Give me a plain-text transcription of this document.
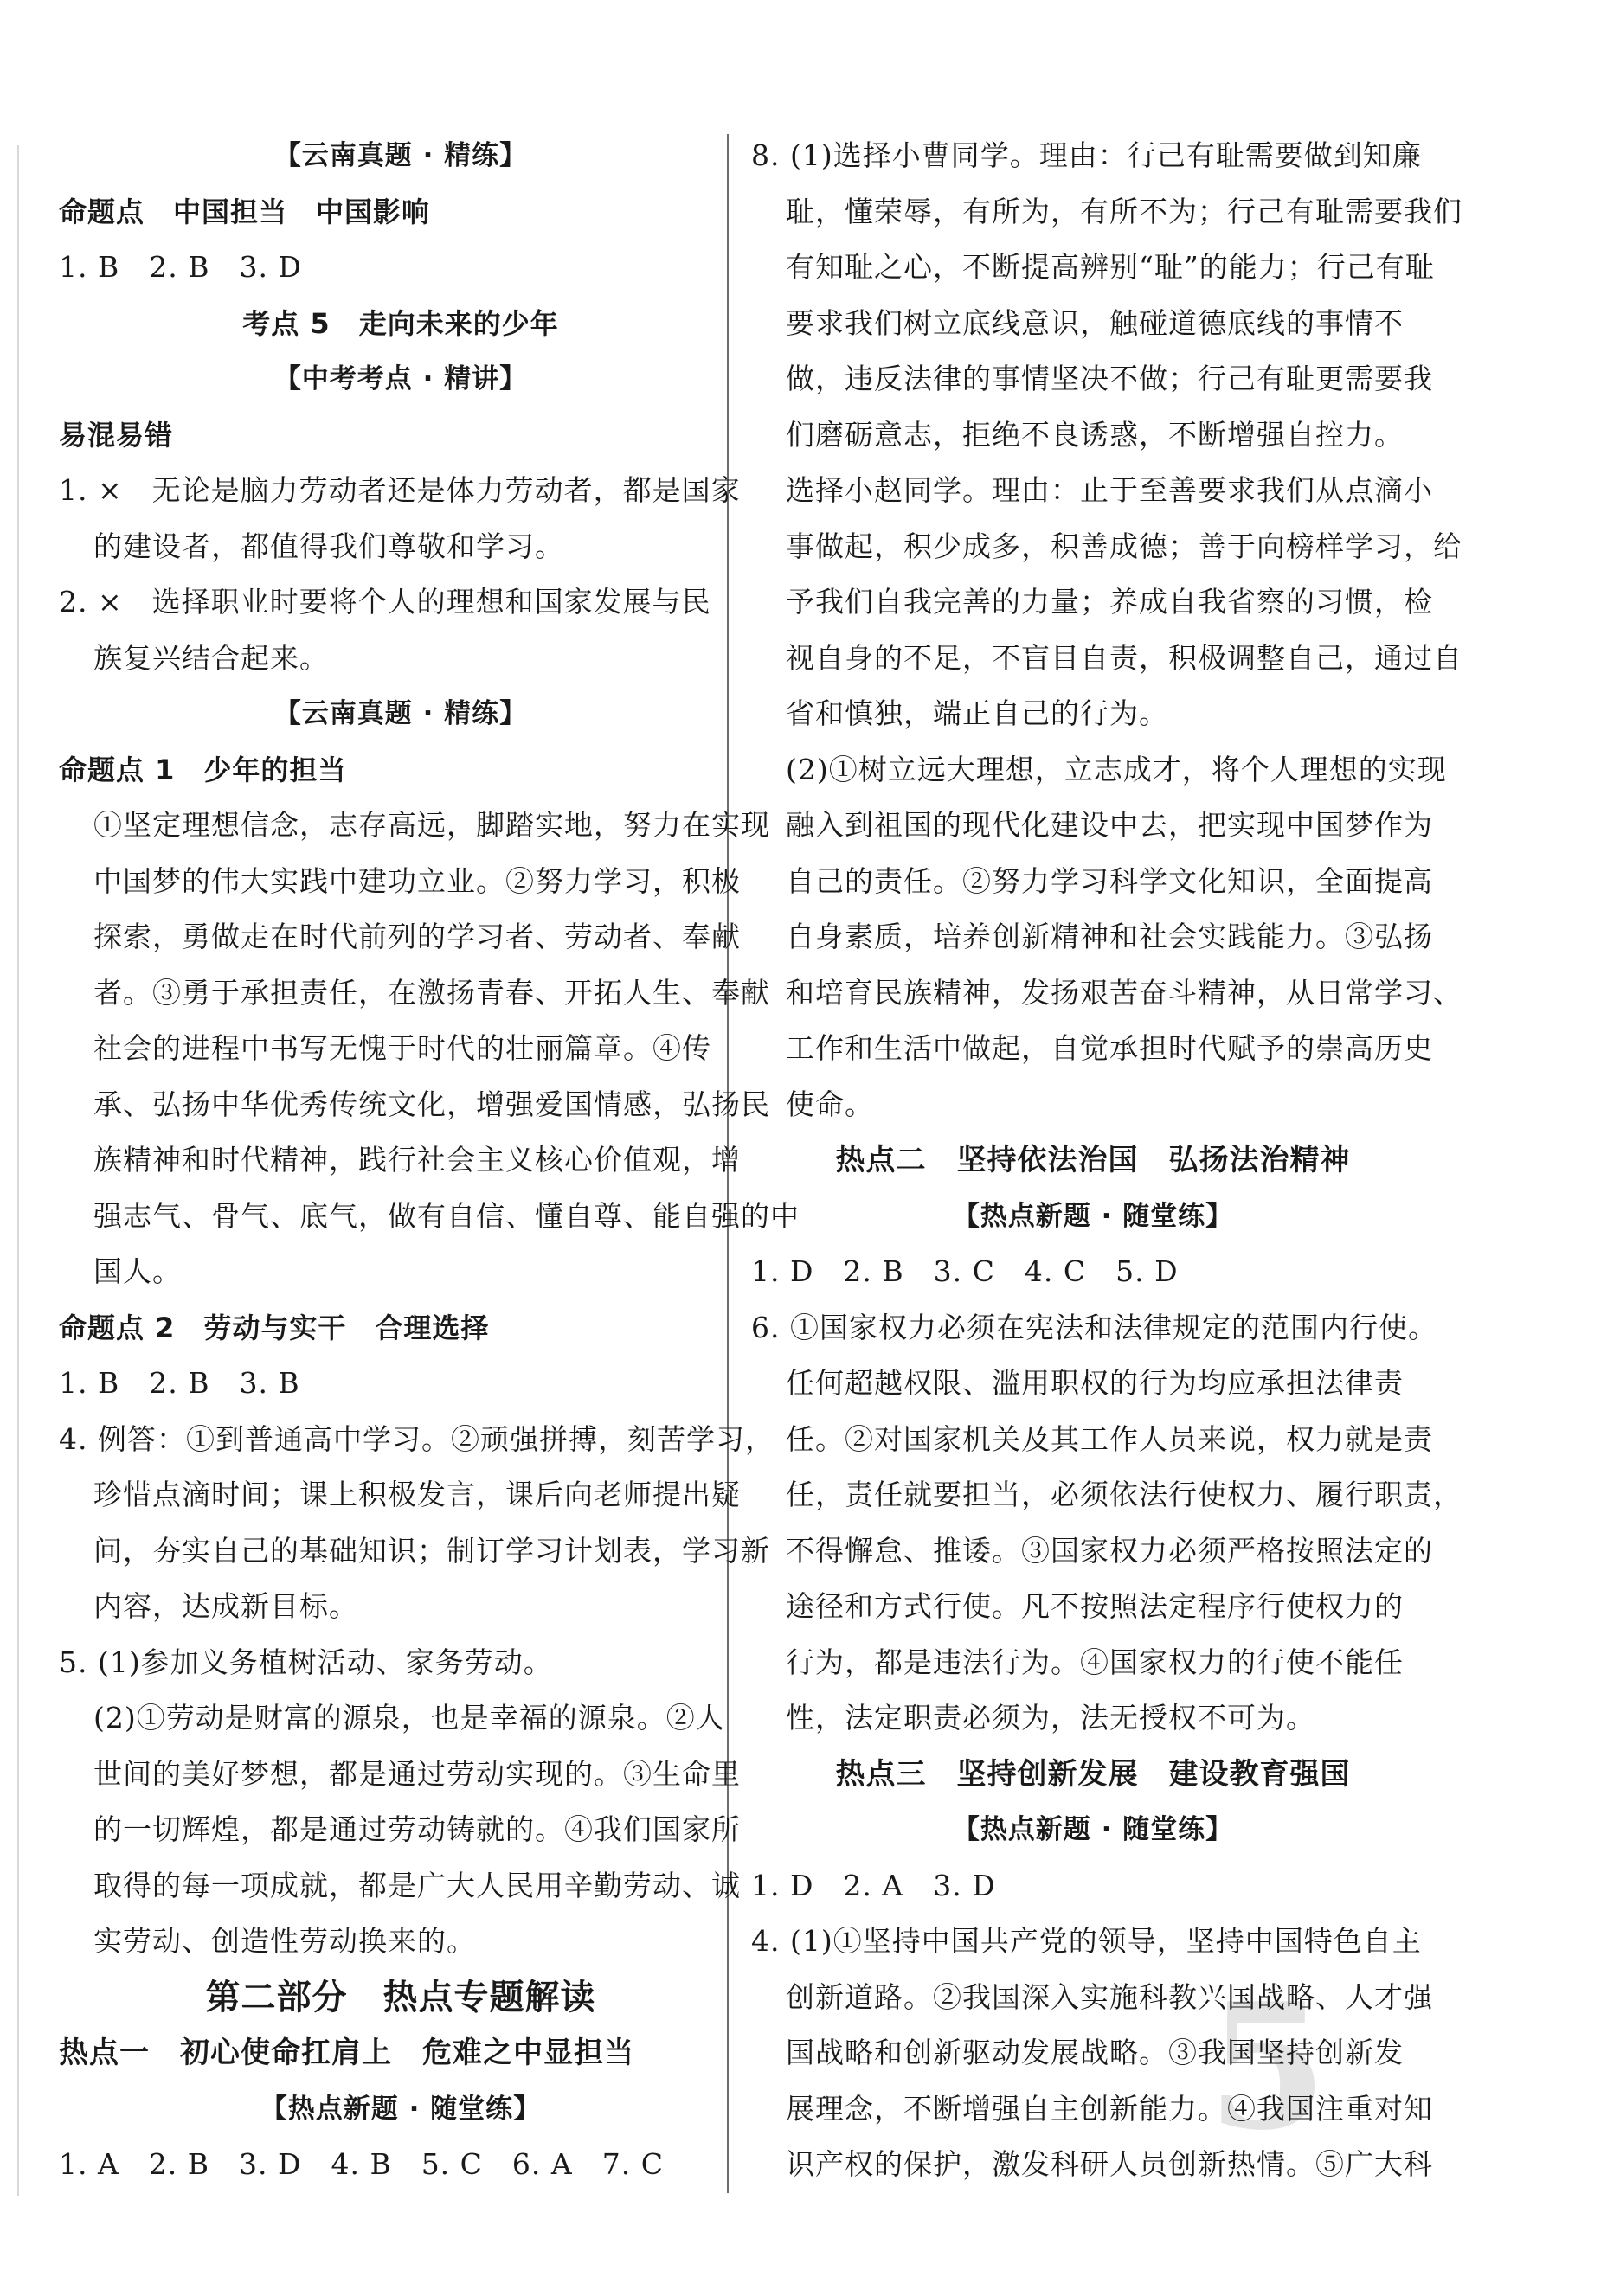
5
【云南真题 · 精练】
命题点　中国担当　中国影响
1. B　2. B　3. D
考点 5　走向未来的少年
【中考考点 · 精讲】
易混易错
1. ×　无论是脑力劳动者还是体力劳动者，都是国家
的建设者，都值得我们尊敬和学习。
2. ×　选择职业时要将个人的理想和国家发展与民
族复兴结合起来。
【云南真题 · 精练】
命题点 1　少年的担当
①坚定理想信念，志存高远，脚踏实地，努力在实现
中国梦的伟大实践中建功立业。②努力学习，积极
探索，勇做走在时代前列的学习者、劳动者、奉献
者。③勇于承担责任，在激扬青春、开拓人生、奉献
社会的进程中书写无愧于时代的壮丽篇章。④传
承、弘扬中华优秀传统文化，增强爱国情感，弘扬民
族精神和时代精神，践行社会主义核心价值观，增
强志气、骨气、底气，做有自信、懂自尊、能自强的中
国人。
命题点 2　劳动与实干　合理选择
1. B　2. B　3. B
4. 例答：①到普通高中学习。②顽强拼搏，刻苦学习，
珍惜点滴时间；课上积极发言，课后向老师提出疑
问，夯实自己的基础知识；制订学习计划表，学习新
内容，达成新目标。
5. (1)参加义务植树活动、家务劳动。
(2)①劳动是财富的源泉，也是幸福的源泉。②人
世间的美好梦想，都是通过劳动实现的。③生命里
的一切辉煌，都是通过劳动铸就的。④我们国家所
取得的每一项成就，都是广大人民用辛勤劳动、诚
实劳动、创造性劳动换来的。
第二部分　热点专题解读
热点一　初心使命扛肩上　危难之中显担当
【热点新题 · 随堂练】
1. A　2. B　3. D　4. B　5. C　6. A　7. C
8. (1)选择小曹同学。理由：行己有耻需要做到知廉
耻，懂荣辱，有所为，有所不为；行己有耻需要我们
有知耻之心，不断提高辨别“耻”的能力；行己有耻
要求我们树立底线意识，触碰道德底线的事情不
做，违反法律的事情坚决不做；行己有耻更需要我
们磨砺意志，拒绝不良诱惑，不断增强自控力。
选择小赵同学。理由：止于至善要求我们从点滴小
事做起，积少成多，积善成德；善于向榜样学习，给
予我们自我完善的力量；养成自我省察的习惯，检
视自身的不足，不盲目自责，积极调整自己，通过自
省和慎独，端正自己的行为。
(2)①树立远大理想，立志成才，将个人理想的实现
融入到祖国的现代化建设中去，把实现中国梦作为
自己的责任。②努力学习科学文化知识，全面提高
自身素质，培养创新精神和社会实践能力。③弘扬
和培育民族精神，发扬艰苦奋斗精神，从日常学习、
工作和生活中做起，自觉承担时代赋予的崇高历史
使命。
热点二　坚持依法治国　弘扬法治精神
【热点新题 · 随堂练】
1. D　2. B　3. C　4. C　5. D
6. ①国家权力必须在宪法和法律规定的范围内行使。
任何超越权限、滥用职权的行为均应承担法律责
任。②对国家机关及其工作人员来说，权力就是责
任，责任就要担当，必须依法行使权力、履行职责，
不得懈怠、推诿。③国家权力必须严格按照法定的
途径和方式行使。凡不按照法定程序行使权力的
行为，都是违法行为。④国家权力的行使不能任
性，法定职责必须为，法无授权不可为。
热点三　坚持创新发展　建设教育强国
【热点新题 · 随堂练】
1. D　2. A　3. D
4. (1)①坚持中国共产党的领导，坚持中国特色自主
创新道路。②我国深入实施科教兴国战略、人才强
国战略和创新驱动发展战略。③我国坚持创新发
展理念，不断增强自主创新能力。④我国注重对知
识产权的保护，激发科研人员创新热情。⑤广大科
